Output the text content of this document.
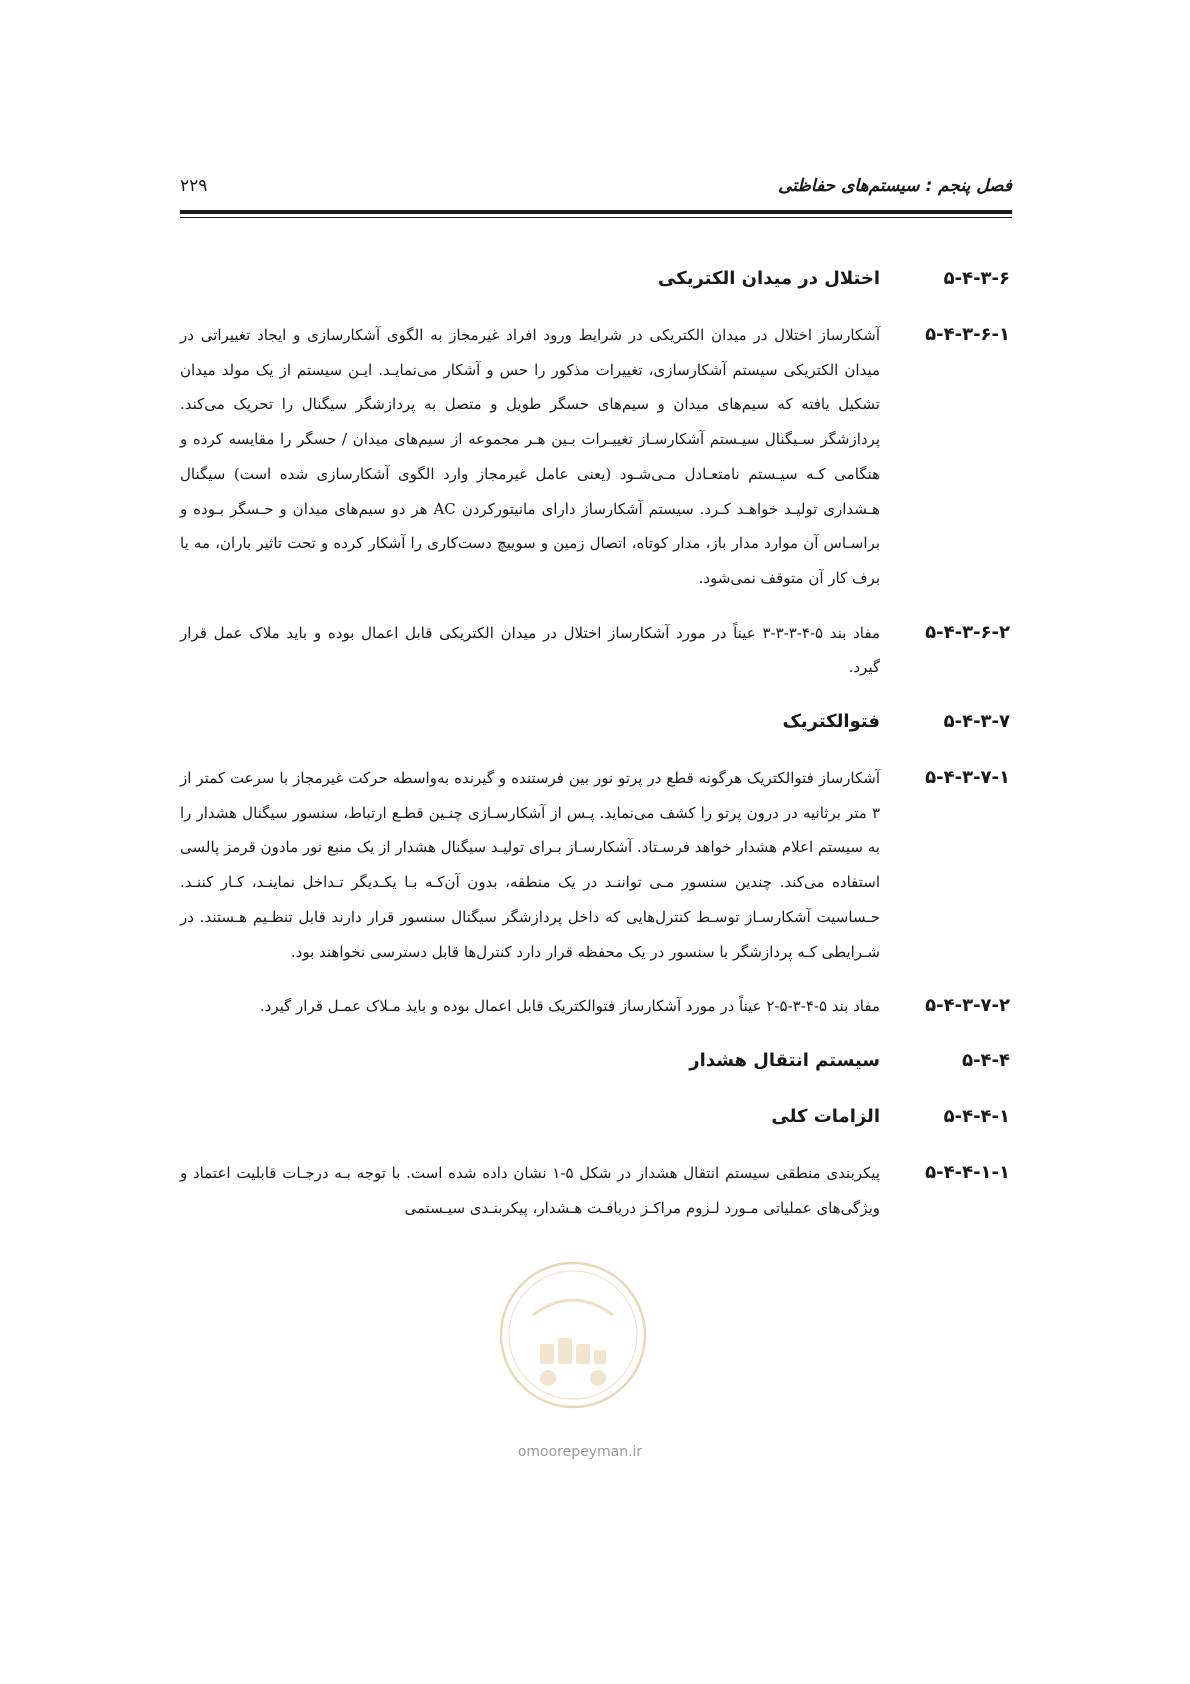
فصل پنجم : سیستم‌های حفاظتی
۲۲۹
۵-۴-۳-۶
اختلال در میدان الکتریکی
۵-۴-۳-۶-۱
آشکارساز اختلال در میدان الکتریکی در شرایط ورود افراد غیرمجاز به الگوی آشکارسازی و ایجاد تغییراتی در میدان الکتریکی سیستم آشکارسازی، تغییرات مذکور را حس و آشکار می‌نمایـد. ایـن سیستم از یک مولد میدان تشکیل یافته که سیم‌های میدان و سیم‌های حسگر طویل و متصل به پردازشگر سیگنال را تحریک می‌کند. پردازشگر سـیگنال سیـستم آشکارسـاز تغییـرات بـین هـر مجموعه از سیم‌های میدان / حسگر را مقایسه کرده و هنگامی کـه سیـستم نامتعـادل مـی‌شـود (یعنی عامل غیرمجاز وارد الگوی آشکارسازی شده است) سیگنال هـشداری تولیـد خواهـد کـرد. سیستم آشکارساز دارای مانیتورکردن AC هر دو سیم‌های میدان و حـسگر بـوده و براسـاس آن موارد مدار باز، مدار کوتاه، اتصال زمین و سوییچ دست‌کاری را آشکار کرده و تحت تاثیر باران، مه یا برف کار آن متوقف نمی‌شود.
۵-۴-۳-۶-۲
مفاد بند ۵-۴-۳-۳-۳ عیناً در مورد آشکارساز اختلال در میدان الکتریکی قابل اعمال بوده و باید ملاک عمل قرار گیرد.
۵-۴-۳-۷
فتوالکتریک
۵-۴-۳-۷-۱
آشکارساز فتوالکتریک هرگونه قطع در پرتو نور بین فرستنده و گیرنده به‌واسطه حرکت غیرمجاز با سرعت کمتر از ۳ متر برثانیه در درون پرتو را کشف می‌نماید. پـس از آشکارسـازی چنـین قطـع ارتباط، سنسور سیگنال هشدار را به سیستم اعلام هشدار خواهد فرسـتاد. آشکارسـاز بـرای تولیـد سیگنال هشدار از یک منبع نور مادون قرمز پالسی استفاده می‌کند. چندین سنسور مـی تواننـد در یک منطقه، بدون آن‌کـه بـا یکـدیگر تـداخل نماینـد، کـار کننـد. حـساسیت آشکارسـاز توسـط کنترل‌هایی که داخل پردازشگر سیگنال سنسور قرار دارند قابل تنظـیم هـستند. در شـرایطی کـه پردازشگر با سنسور در یک محفظه قرار دارد کنترل‌ها قابل دسترسی نخواهند بود.
۵-۴-۳-۷-۲
مفاد بند ۵-۴-۳-۵-۲ عیناً در مورد آشکارساز فتوالکتریک قابل اعمال بوده و باید مـلاک عمـل قرار گیرد.
۵-۴-۴
سیستم انتقال هشدار
۵-۴-۴-۱
الزامات کلی
۵-۴-۴-۱-۱
پیکربندی منطقی سیستم انتقال هشدار در شکل ۵-۱ نشان داده شده است. با توجه بـه درجـات قابلیت اعتماد و ویژگی‌های عملیاتی مـورد لـزوم مراکـز دریافـت هـشدار، پیکربنـدی سیـستمی
omoorepeyman.ir
